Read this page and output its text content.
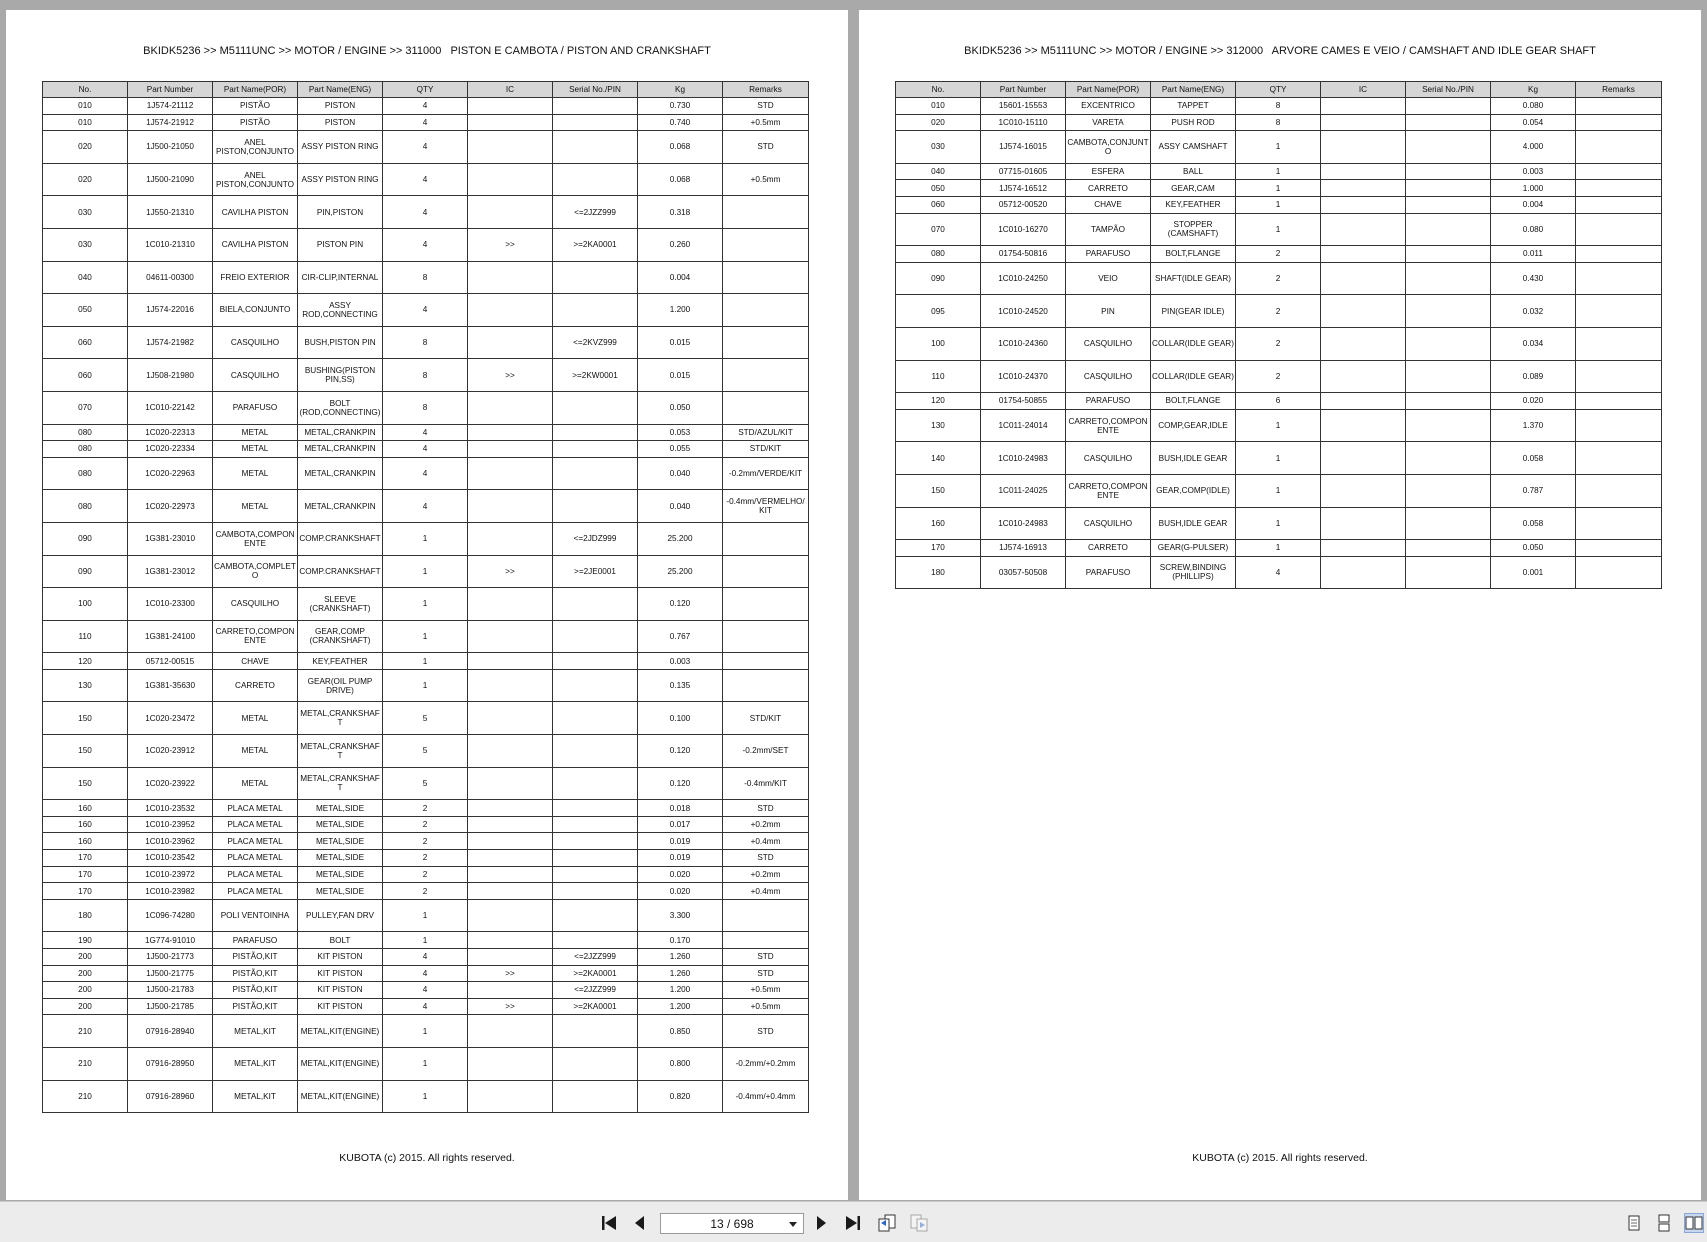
BKIDK5236 >> M5111UNC >> MOTOR / ENGINE >> 311000   PISTON E CAMBOTA / PISTON AND CRANKSHAFT
No.	Part Number	Part Name(POR)	Part Name(ENG)	QTY	IC	Serial No./PIN	Kg	Remarks
010	1J574-21112	PISTÃO	PISTON	4			0.730	STD
010	1J574-21912	PISTÃO	PISTON	4			0.740	+0.5mm
020	1J500-21050	ANEL PISTON,CONJUNTO	ASSY PISTON RING	4			0.068	STD
020	1J500-21090	ANEL PISTON,CONJUNTO	ASSY PISTON RING	4			0.068	+0.5mm
030	1J550-21310	CAVILHA PISTON	PIN,PISTON	4		<=2JZZ999	0.318	
030	1C010-21310	CAVILHA PISTON	PISTON PIN	4	>>	>=2KA0001	0.260	
040	04611-00300	FREIO EXTERIOR	CIR-CLIP,INTERNAL	8			0.004	
050	1J574-22016	BIELA,CONJUNTO	ASSY ROD,CONNECTING	4			1.200	
060	1J574-21982	CASQUILHO	BUSH,PISTON PIN	8		<=2KVZ999	0.015	
060	1J508-21980	CASQUILHO	BUSHING(PISTON PIN,SS)	8	>>	>=2KW0001	0.015	
070	1C010-22142	PARAFUSO	BOLT (ROD,CONNECTING)	8			0.050	
080	1C020-22313	METAL	METAL,CRANKPIN	4			0.053	STD/AZUL/KIT
080	1C020-22334	METAL	METAL,CRANKPIN	4			0.055	STD/KIT
080	1C020-22963	METAL	METAL,CRANKPIN	4			0.040	-0.2mm/VERDE/KIT
080	1C020-22973	METAL	METAL,CRANKPIN	4			0.040	-0.4mm/VERMELHO/KIT
090	1G381-23010	CAMBOTA,COMPONENTE	COMP.CRANKSHAFT	1		<=2JDZ999	25.200	
090	1G381-23012	CAMBOTA,COMPLETO	COMP.CRANKSHAFT	1	>>	>=2JE0001	25.200	
100	1C010-23300	CASQUILHO	SLEEVE (CRANKSHAFT)	1			0.120	
110	1G381-24100	CARRETO,COMPONENTE	GEAR,COMP (CRANKSHAFT)	1			0.767	
120	05712-00515	CHAVE	KEY,FEATHER	1			0.003	
130	1G381-35630	CARRETO	GEAR(OIL PUMP DRIVE)	1			0.135	
150	1C020-23472	METAL	METAL,CRANKSHAFT	5			0.100	STD/KIT
150	1C020-23912	METAL	METAL,CRANKSHAFT	5			0.120	-0.2mm/SET
150	1C020-23922	METAL	METAL,CRANKSHAFT	5			0.120	-0.4mm/KIT
160	1C010-23532	PLACA METAL	METAL,SIDE	2			0.018	STD
160	1C010-23952	PLACA METAL	METAL,SIDE	2			0.017	+0.2mm
160	1C010-23962	PLACA METAL	METAL,SIDE	2			0.019	+0.4mm
170	1C010-23542	PLACA METAL	METAL,SIDE	2			0.019	STD
170	1C010-23972	PLACA METAL	METAL,SIDE	2			0.020	+0.2mm
170	1C010-23982	PLACA METAL	METAL,SIDE	2			0.020	+0.4mm
180	1C096-74280	POLI VENTOINHA	PULLEY,FAN DRV	1			3.300	
190	1G774-91010	PARAFUSO	BOLT	1			0.170	
200	1J500-21773	PISTÃO,KIT	KIT PISTON	4		<=2JZZ999	1.260	STD
200	1J500-21775	PISTÃO,KIT	KIT PISTON	4	>>	>=2KA0001	1.260	STD
200	1J500-21783	PISTÃO,KIT	KIT PISTON	4		<=2JZZ999	1.200	+0.5mm
200	1J500-21785	PISTÃO,KIT	KIT PISTON	4	>>	>=2KA0001	1.200	+0.5mm
210	07916-28940	METAL,KIT	METAL,KIT(ENGINE)	1			0.850	STD
210	07916-28950	METAL,KIT	METAL,KIT(ENGINE)	1			0.800	-0.2mm/+0.2mm
210	07916-28960	METAL,KIT	METAL,KIT(ENGINE)	1			0.820	-0.4mm/+0.4mm
KUBOTA (c) 2015. All rights reserved.
BKIDK5236 >> M5111UNC >> MOTOR / ENGINE >> 312000   ARVORE CAMES E VEIO / CAMSHAFT AND IDLE GEAR SHAFT
No.	Part Number	Part Name(POR)	Part Name(ENG)	QTY	IC	Serial No./PIN	Kg	Remarks
010	15601-15553	EXCENTRICO	TAPPET	8			0.080	
020	1C010-15110	VARETA	PUSH ROD	8			0.054	
030	1J574-16015	CAMBOTA,CONJUNTO	ASSY CAMSHAFT	1			4.000	
040	07715-01605	ESFERA	BALL	1			0.003	
050	1J574-16512	CARRETO	GEAR,CAM	1			1.000	
060	05712-00520	CHAVE	KEY,FEATHER	1			0.004	
070	1C010-16270	TAMPÃO	STOPPER (CAMSHAFT)	1			0.080	
080	01754-50816	PARAFUSO	BOLT,FLANGE	2			0.011	
090	1C010-24250	VEIO	SHAFT(IDLE GEAR)	2			0.430	
095	1C010-24520	PIN	PIN(GEAR IDLE)	2			0.032	
100	1C010-24360	CASQUILHO	COLLAR(IDLE GEAR)	2			0.034	
110	1C010-24370	CASQUILHO	COLLAR(IDLE GEAR)	2			0.089	
120	01754-50855	PARAFUSO	BOLT,FLANGE	6			0.020	
130	1C011-24014	CARRETO,COMPONENTE	COMP,GEAR,IDLE	1			1.370	
140	1C010-24983	CASQUILHO	BUSH,IDLE GEAR	1			0.058	
150	1C011-24025	CARRETO,COMPONENTE	GEAR,COMP(IDLE)	1			0.787	
160	1C010-24983	CASQUILHO	BUSH,IDLE GEAR	1			0.058	
170	1J574-16913	CARRETO	GEAR(G-PULSER)	1			0.050	
180	03057-50508	PARAFUSO	SCREW,BINDING (PHILLIPS)	4			0.001	
KUBOTA (c) 2015. All rights reserved.
13 / 698
